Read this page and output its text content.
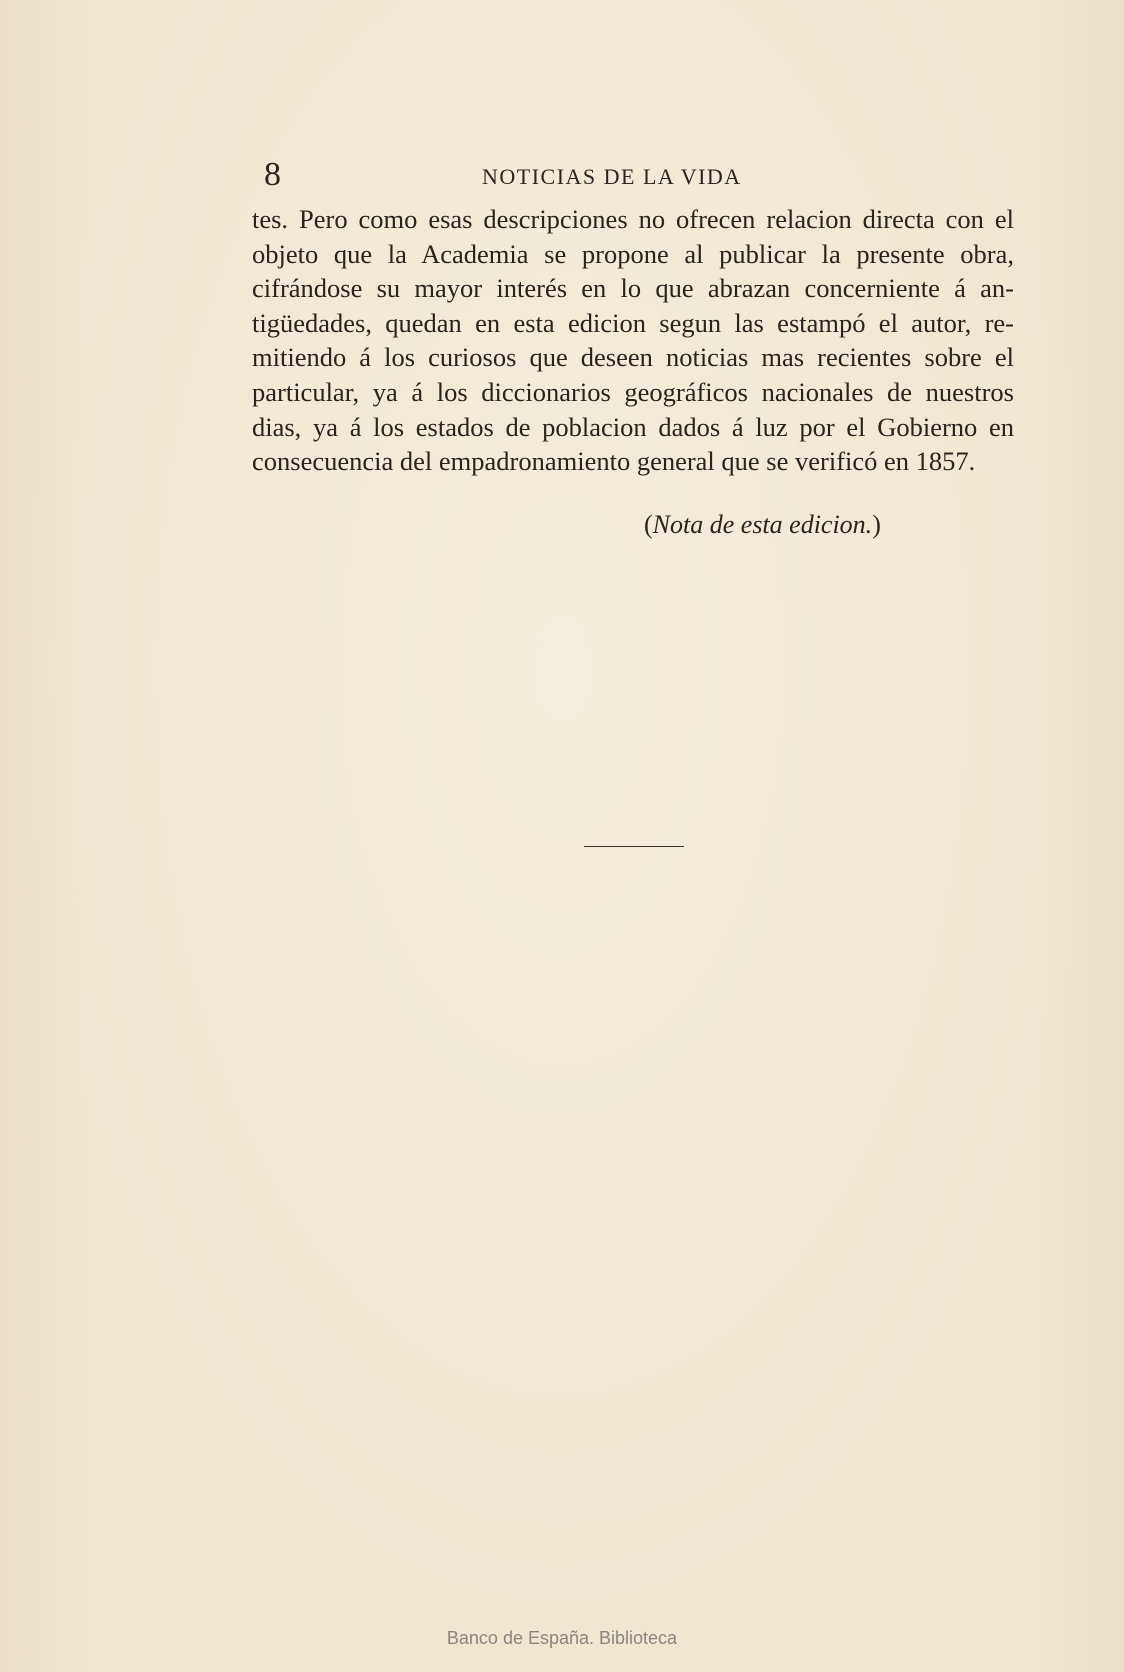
8	NOTICIAS DE LA VIDA
tes. Pero como esas descripciones no ofrecen relacion directa con el
objeto que la Academia se propone al publicar la presente obra,
cifrándose su mayor interés en lo que abrazan concerniente á an-
tigüedades, quedan en esta edicion segun las estampó el autor, re-
mitiendo á los curiosos que deseen noticias mas recientes sobre el
particular, ya á los diccionarios geográficos nacionales de nuestros
dias, ya á los estados de poblacion dados á luz por el Gobierno en
consecuencia del empadronamiento general que se verificó en 1857.
(Nota de esta edicion.)
Banco de España. Biblioteca
